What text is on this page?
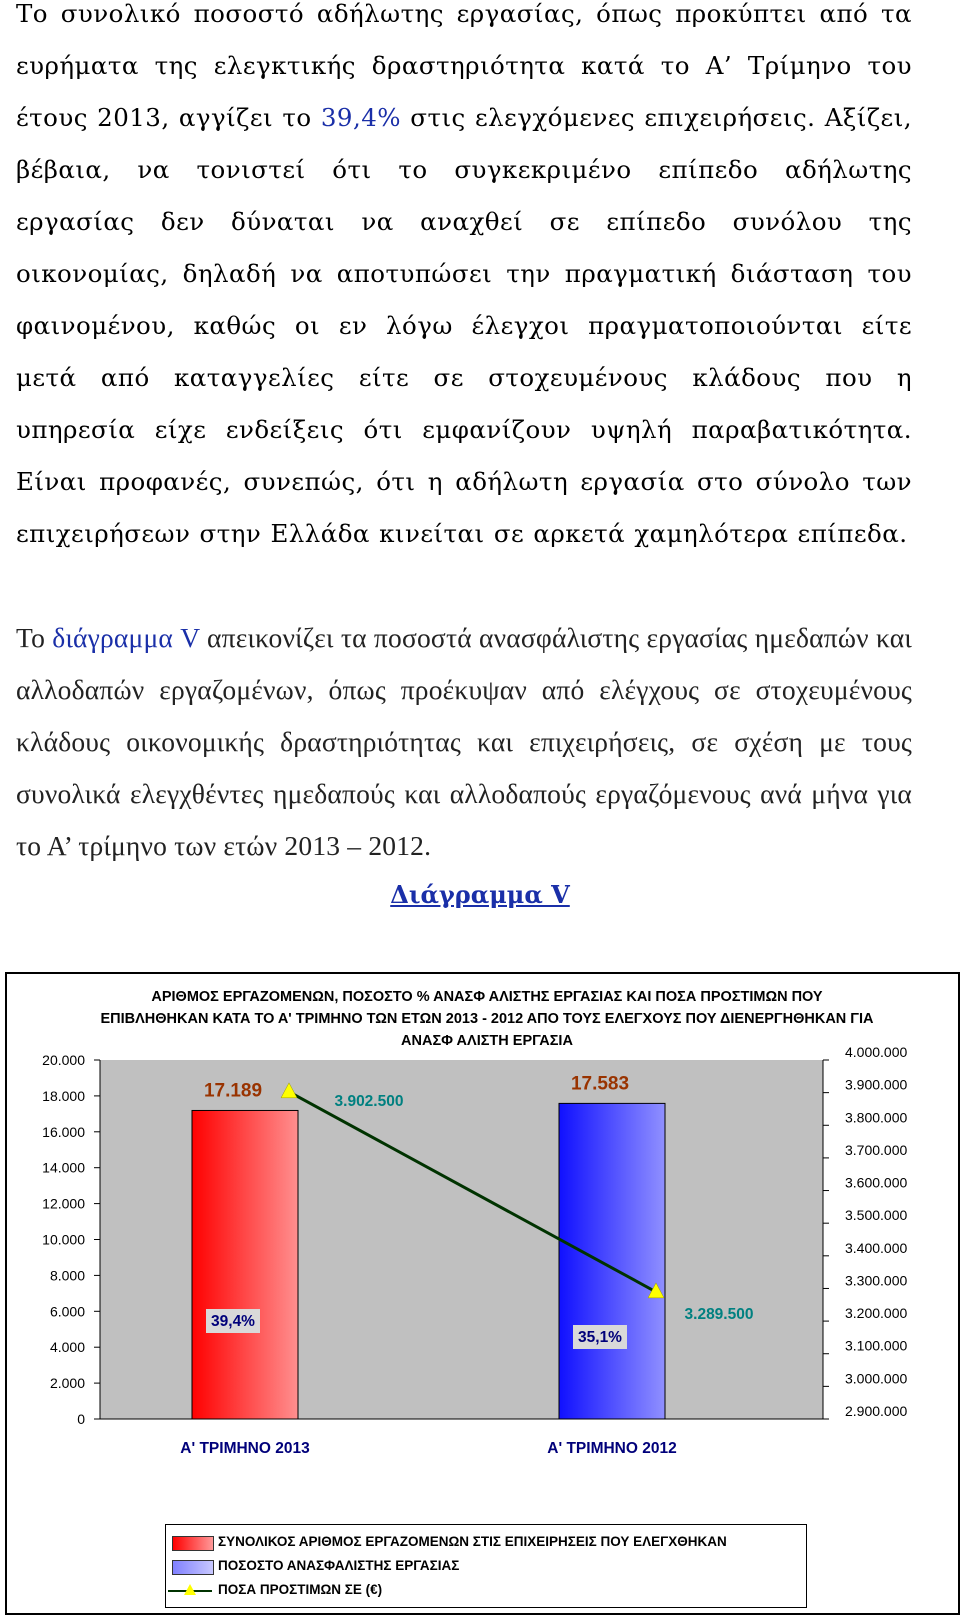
Το συνολικό ποσοστό αδήλωτης εργασίας, όπως προκύπτει από τα ευρήματα της ελεγκτικής δραστηριότητα κατά το Α’ Τρίμηνο του έτους 2013, αγγίζει το 39,4% στις ελεγχόμενες επιχειρήσεις. Αξίζει, βέβαια, να τονιστεί ότι το συγκεκριμένο επίπεδο αδήλωτης εργασίας δεν δύναται να αναχθεί σε επίπεδο συνόλου της οικονομίας, δηλαδή να αποτυπώσει την πραγματική διάσταση του φαινομένου, καθώς οι εν λόγω έλεγχοι πραγματοποιούνται είτε μετά από καταγγελίες είτε σε στοχευμένους κλάδους που η υπηρεσία είχε ενδείξεις ότι εμφανίζουν υψηλή παραβατικότητα. Είναι προφανές, συνεπώς, ότι η αδήλωτη εργασία στο σύνολο των επιχειρήσεων στην Ελλάδα κινείται σε αρκετά χαμηλότερα επίπεδα.

Το διάγραμμα V απεικονίζει τα ποσοστά ανασφάλιστης εργασίας ημεδαπών και αλλοδαπών εργαζομένων, όπως προέκυψαν από ελέγχους σε στοχευμένους κλάδους οικονομικής δραστηριότητας και επιχειρήσεις, σε σχέση με τους συνολικά ελεγχθέντες ημεδαπούς και αλλοδαπούς εργαζόμενους ανά μήνα για το Α’ τρίμηνο των ετών 2013 – 2012.

Διάγραμμα V

ΑΡΙΘΜΟΣ ΕΡΓΑΖΟΜΕΝΩΝ, ΠΟΣΟΣΤΟ % ΑΝΑΣΦ ΑΛΙΣΤΗΣ ΕΡΓΑΣΙΑΣ ΚΑΙ ΠΟΣΑ ΠΡΟΣΤΙΜΩΝ ΠΟΥ ΕΠΙΒΛΗΘΗΚΑΝ ΚΑΤΑ ΤΟ Α' ΤΡΙΜΗΝΟ ΤΩΝ ΕΤΩΝ 2013 - 2012 ΑΠΟ ΤΟΥΣ ΕΛΕΓΧΟΥΣ ΠΟΥ ΔΙΕΝΕΡΓΗΘΗΚΑΝ ΓΙΑ ΑΝΑΣΦ ΑΛΙΣΤΗ ΕΡΓΑΣΙΑ

0
2.000
4.000
6.000
8.000
10.000
12.000
14.000
16.000
18.000
20.000
2.900.000
3.000.000
3.100.000
3.200.000
3.300.000
3.400.000
3.500.000
3.600.000
3.700.000
3.800.000
3.900.000
4.000.000
17.189
Α' ΤΡΙΜΗΝΟ 2013
17.583
Α' ΤΡΙΜΗΝΟ 2012
39,4%
35,1%
3.902.500
3.289.500
ΣΥΝΟΛΙΚΟΣ ΑΡΙΘΜΟΣ ΕΡΓΑΖΟΜΕΝΩΝ ΣΤΙΣ ΕΠΙΧΕΙΡΗΣΕΙΣ ΠΟΥ ΕΛΕΓΧΘΗΚΑΝ
ΠΟΣΟΣΤΟ ΑΝΑΣΦΑΛΙΣΤΗΣ ΕΡΓΑΣΙΑΣ
ΠΟΣΑ ΠΡΟΣΤΙΜΩΝ ΣΕ (€)
